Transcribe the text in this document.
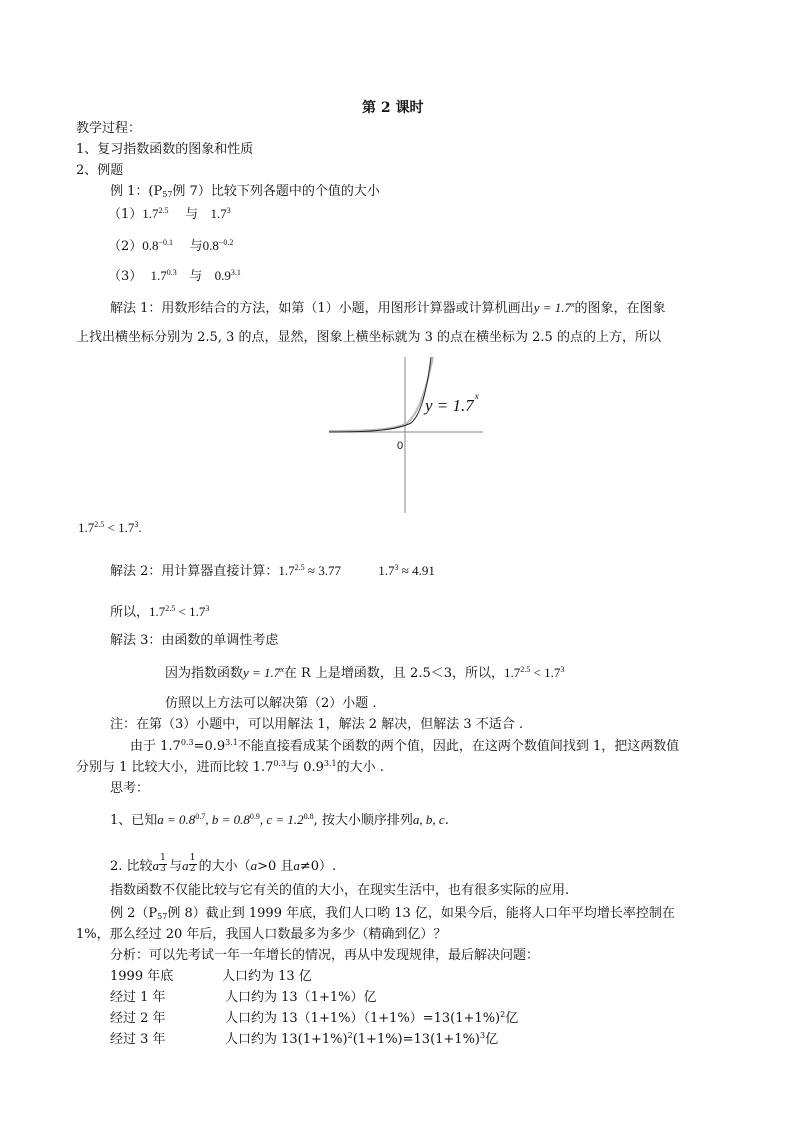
第 2 课时
教学过程：
1、复习指数函数的图象和性质
2、例题
例 1：($P_{57}$例 7）比较下列各题中的个值的大小
$(1)1.7^{2.5}$ 与 $1.7^3$
$(2)0.8^{-0.1}$ 与$0.8^{-0.2}$
（3） $1.7^{0.3}$ 与 $0.9^{3.1}$
解法 1：用数形结合的方法，如第（1）小题，用图形计算器或计算机画出$y = 1.7^x$的图象，在图象
上找出横坐标分别为 2.5, 3 的点，显然，图象上横坐标就为 3 的点在横坐标为 2.5 的点的上方，所以
y = 1.7 x
0
$1.7^{2.5} < 1.7^3$.
解法 2：用计算器直接计算：$1.7^{2.5} \approx 3.77$	$1.7^3 \approx 4.91$
所以，$1.7^{2.5} < 1.7^3$
解法 3：由函数的单调性考虑
因为指数函数$y = 1.7^x$在 R 上是增函数，且 2.5＜3，所以，$1.7^{2.5} < 1.7^3$
仿照以上方法可以解决第（2）小题 .
注：在第（3）小题中，可以用解法 1，解法 2 解决，但解法 3 不适合 .
由于 $1.7^{0.3}=0.9^{3.1}$不能直接看成某个函数的两个值，因此，在这两个数值间找到 1，把这两数值
分别与 1 比较大小，进而比较 $1.7^{0.3}$与 $0.9^{3.1}$的大小 .
思考：
1、已知$a = 0.8^{0.7}$, $b = 0.8^{0.9}$, $c = 1.2^{0.8}$, 按大小顺序排列a, b, c.
2. 比较a 1
3 与a 1
2 的大小（a>0 且a≠0）.
指数函数不仅能比较与它有关的值的大小，在现实生活中，也有很多实际的应用.
例 $2(P_{57}$例 8）截止到 1999 年底，我们人口哟 13 亿，如果今后，能将人口年平均增长率控制在
1%，那么经过 20 年后，我国人口数最多为多少（精确到亿）？
分析：可以先考试一年一年增长的情况，再从中发现规律，最后解决问题：
1999 年底	人口约为 13 亿
经过 1 年	人口约为 13（1+1%）亿
经过 2 年	人口约为 $13(1+1\%)(1+1\%)=13(1+1\%)^2$亿
经过 3 年	人口约为 $13(1+1\%)^2(1+1\%)=13(1+1\%)^3$亿
